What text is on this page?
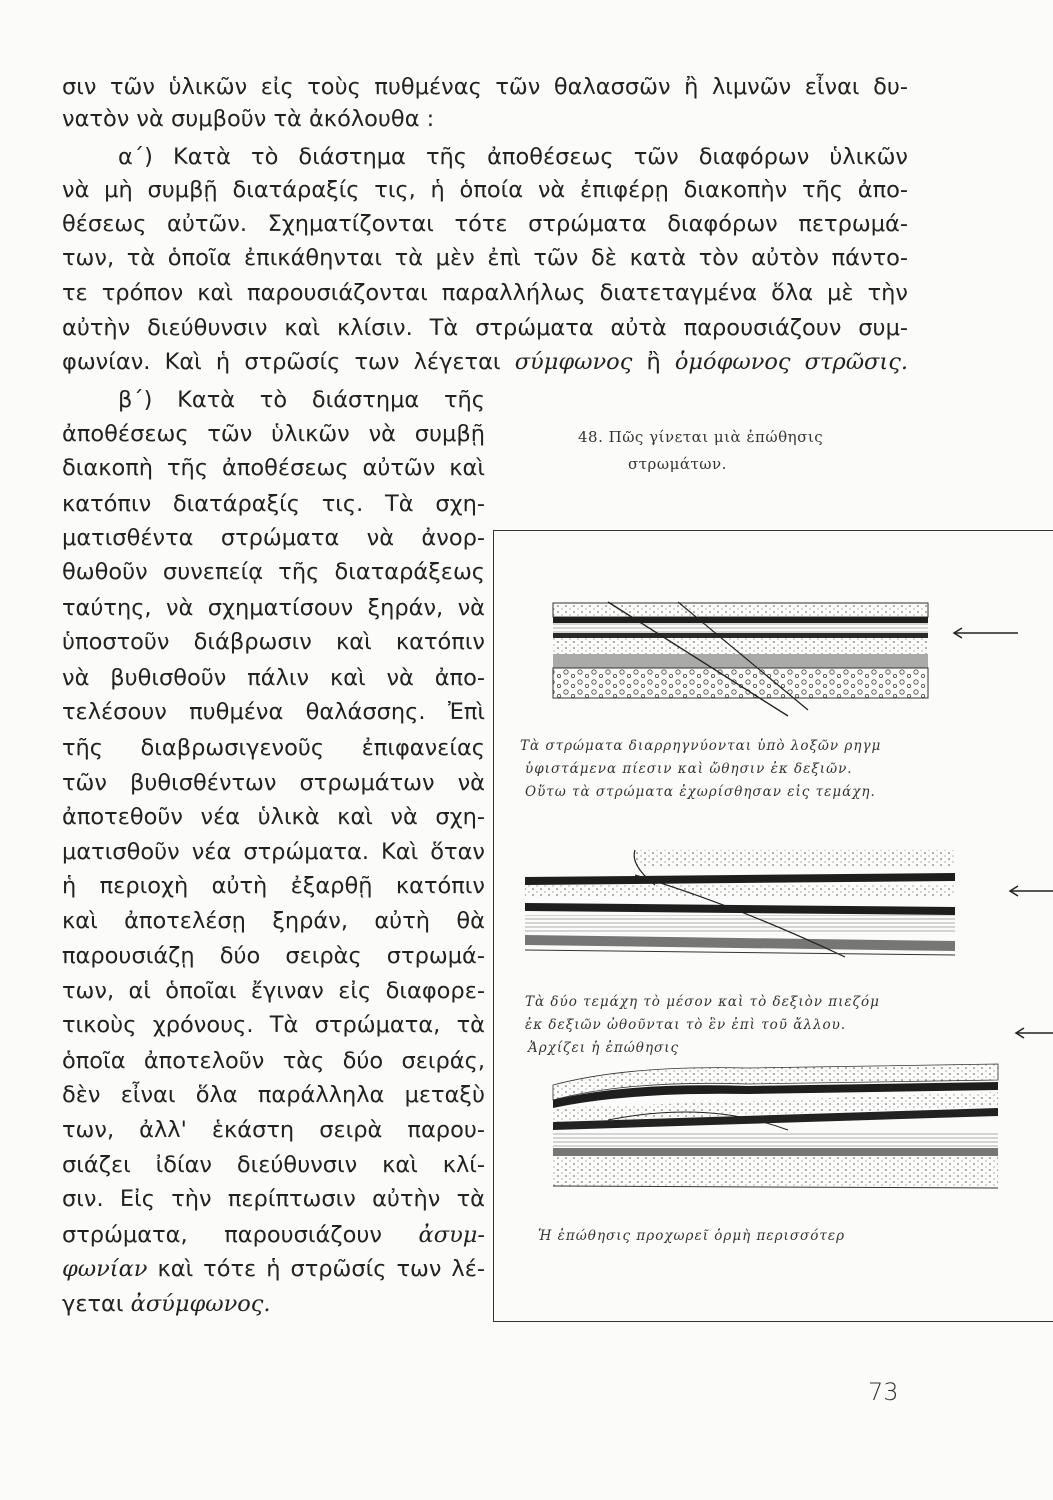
σιν τῶν ὑλικῶν εἰς τοὺς πυθμένας τῶν θαλασσῶν ἢ λιμνῶν εἶναι δυ-
νατὸν νὰ συμβοῦν τὰ ἀκόλουθα :
α΄) Κατὰ τὸ διάστημα τῆς ἀποθέσεως τῶν διαφόρων ὑλικῶν
νὰ μὴ συμβῇ διατάραξίς τις, ἡ ὁποία νὰ ἐπιφέρῃ διακοπὴν τῆς ἀπο-
θέσεως αὐτῶν. Σχηματίζονται τότε στρώματα διαφόρων πετρωμά-
των, τὰ ὁποῖα ἐπικάθηνται τὰ μὲν ἐπὶ τῶν δὲ κατὰ τὸν αὐτὸν πάντο-
τε τρόπον καὶ παρουσιάζονται παραλλήλως διατεταγμένα ὅλα μὲ τὴν
αὐτὴν διεύθυνσιν καὶ κλίσιν. Τὰ στρώματα αὐτὰ παρουσιάζουν συμ-
φωνίαν. Καὶ ἡ στρῶσίς των λέγεται σύμφωνος ἢ ὁμόφωνος στρῶσις.
β΄) Κατὰ τὸ διάστημα τῆς
ἀποθέσεως τῶν ὑλικῶν νὰ συμβῇ
διακοπὴ τῆς ἀποθέσεως αὐτῶν καὶ
κατόπιν διατάραξίς τις. Τὰ σχη-
ματισθέντα στρώματα νὰ ἀνορ-
θωθοῦν συνεπείᾳ τῆς διαταράξεως
ταύτης, νὰ σχηματίσουν ξηράν, νὰ
ὑποστοῦν διάβρωσιν καὶ κατόπιν
νὰ βυθισθοῦν πάλιν καὶ νὰ ἀπο-
τελέσουν πυθμένα θαλάσσης. Ἐπὶ
τῆς διαβρωσιγενοῦς ἐπιφανείας
τῶν βυθισθέντων στρωμάτων νὰ
ἀποτεθοῦν νέα ὑλικὰ καὶ νὰ σχη-
ματισθοῦν νέα στρώματα. Καὶ ὅταν
ἡ περιοχὴ αὐτὴ ἐξαρθῇ κατόπιν
καὶ ἀποτελέσῃ ξηράν, αὐτὴ θὰ
παρουσιάζῃ δύο σειρὰς στρωμά-
των, αἱ ὁποῖαι ἔγιναν εἰς διαφορε-
τικοὺς χρόνους. Τὰ στρώματα, τὰ
ὁποῖα ἀποτελοῦν τὰς δύο σειράς,
δὲν εἶναι ὅλα παράλληλα μεταξὺ
των, ἀλλ' ἑκάστη σειρὰ παρου-
σιάζει ἰδίαν διεύθυνσιν καὶ κλί-
σιν. Εἰς τὴν περίπτωσιν αὐτὴν τὰ
στρώματα, παρουσιάζουν ἀσυμ-
φωνίαν καὶ τότε ἡ στρῶσίς των λέ-
γεται ἀσύμφωνος.
48. Πῶς γίνεται μιὰ ἐπώθησις
στρωμάτων.
Τὰ στρώματα διαρρηγνύονται ὑπὸ λοξῶν ρηγμ
ὑφιστάμενα πίεσιν καὶ ὤθησιν ἐκ δεξιῶν.
Οὕτω τὰ στρώματα ἐχωρίσθησαν εἰς τεμάχη.
Τὰ δύο τεμάχη τὸ μέσον καὶ τὸ δεξιὸν πιεζόμ
ἐκ δεξιῶν ὠθοῦνται τὸ ἓν ἐπὶ τοῦ ἄλλου.
Ἀρχίζει ἡ ἐπώθησις
Ἡ ἐπώθησις προχωρεῖ ὁρμὴ περισσότερ
73
